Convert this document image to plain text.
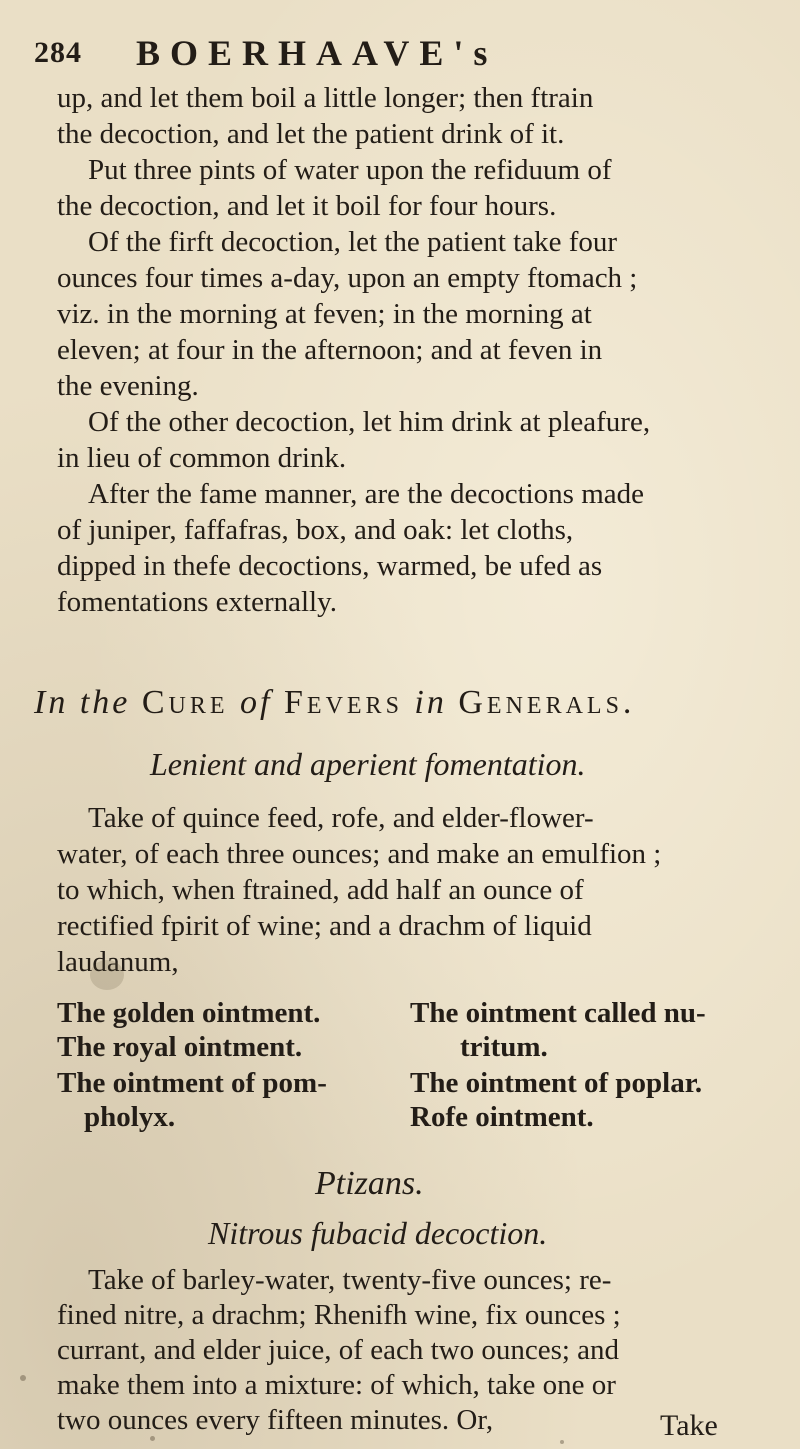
284 BOERHAAVE's
up, and let them boil a little longer; then ftrain
the decoction, and let the patient drink of it.
Put three pints of water upon the refiduum of
the decoction, and let it boil for four hours.
Of the firft decoction, let the patient take four
ounces four times a-day, upon an empty ftomach ;
viz. in the morning at feven; in the morning at
eleven; at four in the afternoon; and at feven in
the evening.
Of the other decoction, let him drink at pleafure,
in lieu of common drink.
After the fame manner, are the decoctions made
of juniper, faffafras, box, and oak: let cloths,
dipped in thefe decoctions, warmed, be ufed as
fomentations externally.
In the Cure of Fevers in Generals.
Lenient and aperient fomentation.
Take of quince feed, rofe, and elder-flower-
water, of each three ounces; and make an emulfion ;
to which, when ftrained, add half an ounce of
rectified fpirit of wine; and a drachm of liquid
laudanum,
The golden ointment.
The royal ointment.
The ointment of pom-
pholyx.
The ointment called nu-
tritum.
The ointment of poplar.
Rofe ointment.
Ptizans.
Nitrous fubacid decoction.
Take of barley-water, twenty-five ounces; re-
fined nitre, a drachm; Rhenifh wine, fix ounces ;
currant, and elder juice, of each two ounces; and
make them into a mixture: of which, take one or
two ounces every fifteen minutes. Or,	Take
